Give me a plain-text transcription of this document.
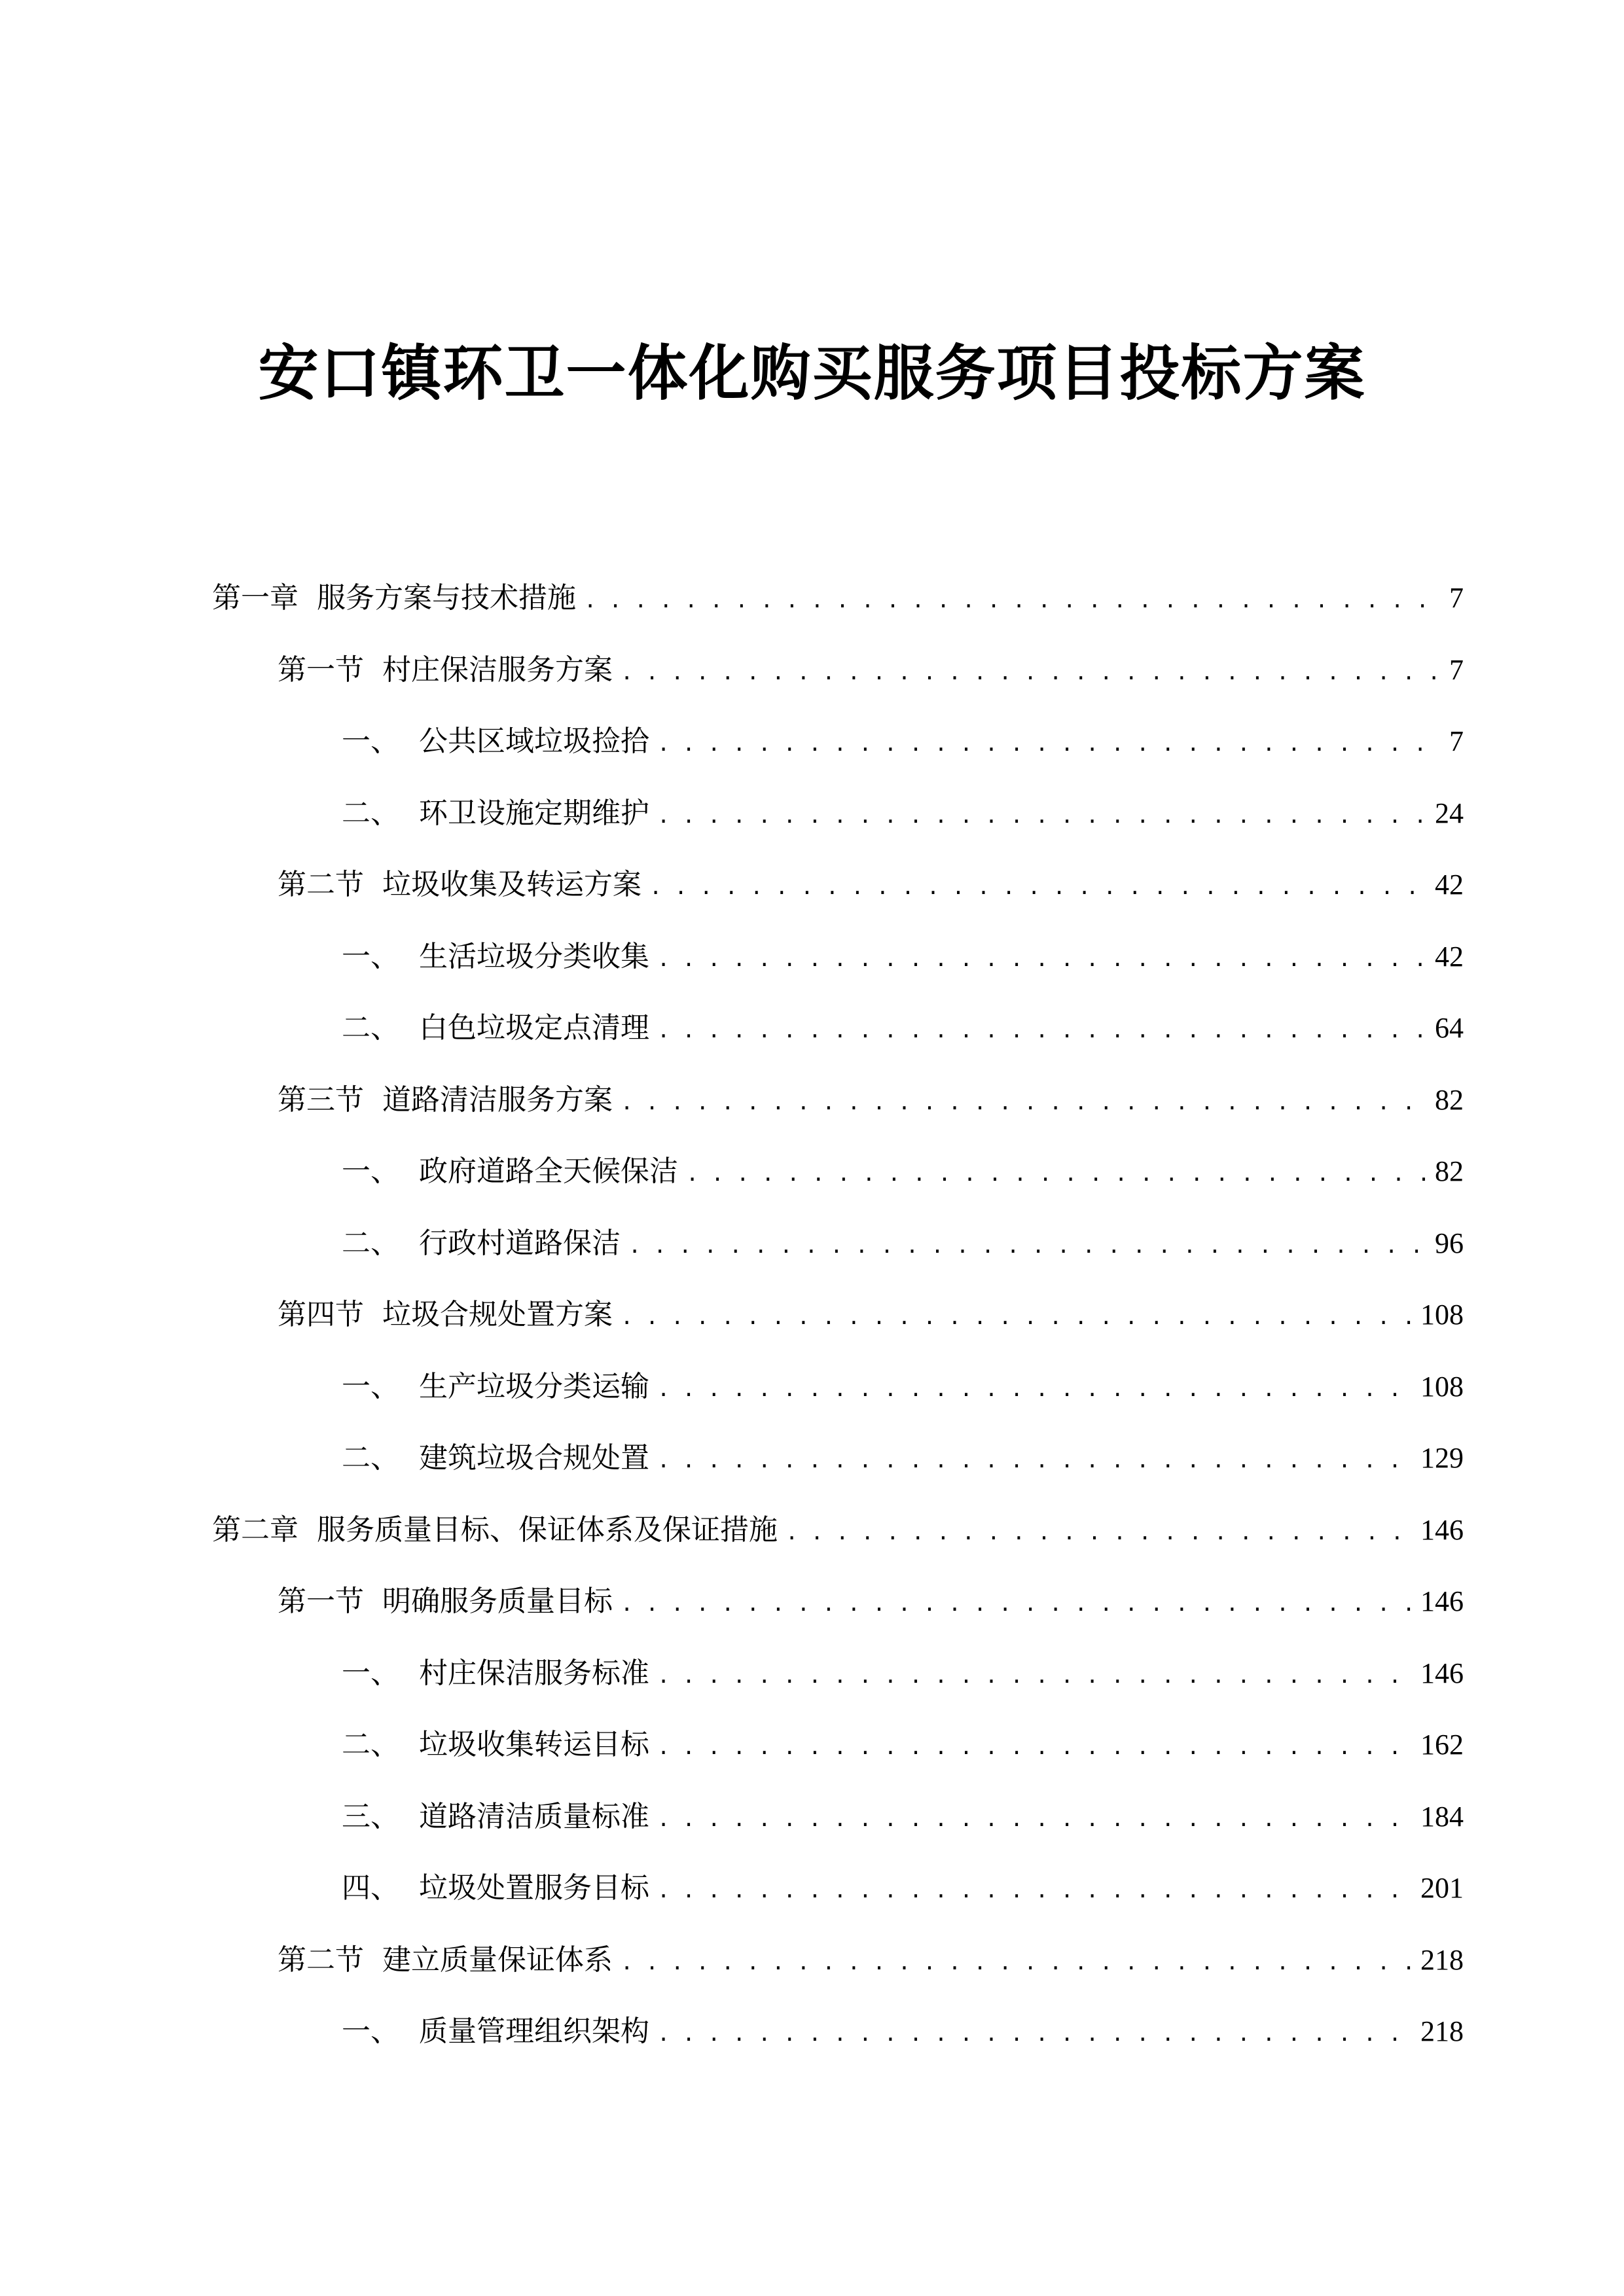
安口镇环卫一体化购买服务项目投标方案
第一章 服务方案与技术措施 . . .	7
第一节 村庄保洁服务方案 . . .	7
一、 公共区域垃圾捡拾 . . .	7
二、 环卫设施定期维护 . . .	24
第二节 垃圾收集及转运方案 . . .	42
一、 生活垃圾分类收集 . . .	42
二、 白色垃圾定点清理 . . .	64
第三节 道路清洁服务方案 . . .	82
一、 政府道路全天候保洁 . . .	82
二、 行政村道路保洁 . . .	96
第四节 垃圾合规处置方案 . . .	108
一、 生产垃圾分类运输 . . .	108
二、 建筑垃圾合规处置 . . .	129
第二章 服务质量目标、保证体系及保证措施 . . .	146
第一节 明确服务质量目标 . . .	146
一、 村庄保洁服务标准 . . .	146
二、 垃圾收集转运目标 . . .	162
三、 道路清洁质量标准 . . .	184
四、 垃圾处置服务目标 . . .	201
第二节 建立质量保证体系 . . .	218
一、 质量管理组织架构 . . .	218
